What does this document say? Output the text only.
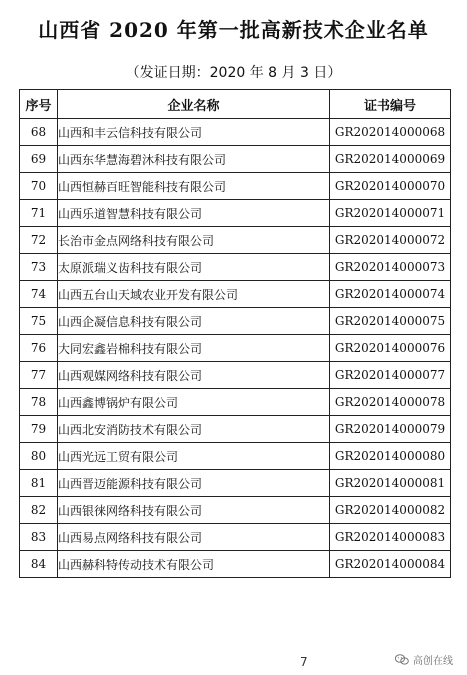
山西省 2020 年第一批高新技术企业名单
（发证日期：2020 年 8 月 3 日）
序号	企业名称	证书编号
68	山西和丰云信科技有限公司	GR202014000068
69	山西东华慧海碧沐科技有限公司	GR202014000069
70	山西恒赫百旺智能科技有限公司	GR202014000070
71	山西乐道智慧科技有限公司	GR202014000071
72	长治市金点网络科技有限公司	GR202014000072
73	太原派瑞义齿科技有限公司	GR202014000073
74	山西五台山天域农业开发有限公司	GR202014000074
75	山西企凝信息科技有限公司	GR202014000075
76	大同宏鑫岩棉科技有限公司	GR202014000076
77	山西观媒网络科技有限公司	GR202014000077
78	山西鑫博锅炉有限公司	GR202014000078
79	山西北安消防技术有限公司	GR202014000079
80	山西光远工贸有限公司	GR202014000080
81	山西晋迈能源科技有限公司	GR202014000081
82	山西银徕网络科技有限公司	GR202014000082
83	山西易点网络科技有限公司	GR202014000083
84	山西赫科特传动技术有限公司	GR202014000084
7	高创在线
